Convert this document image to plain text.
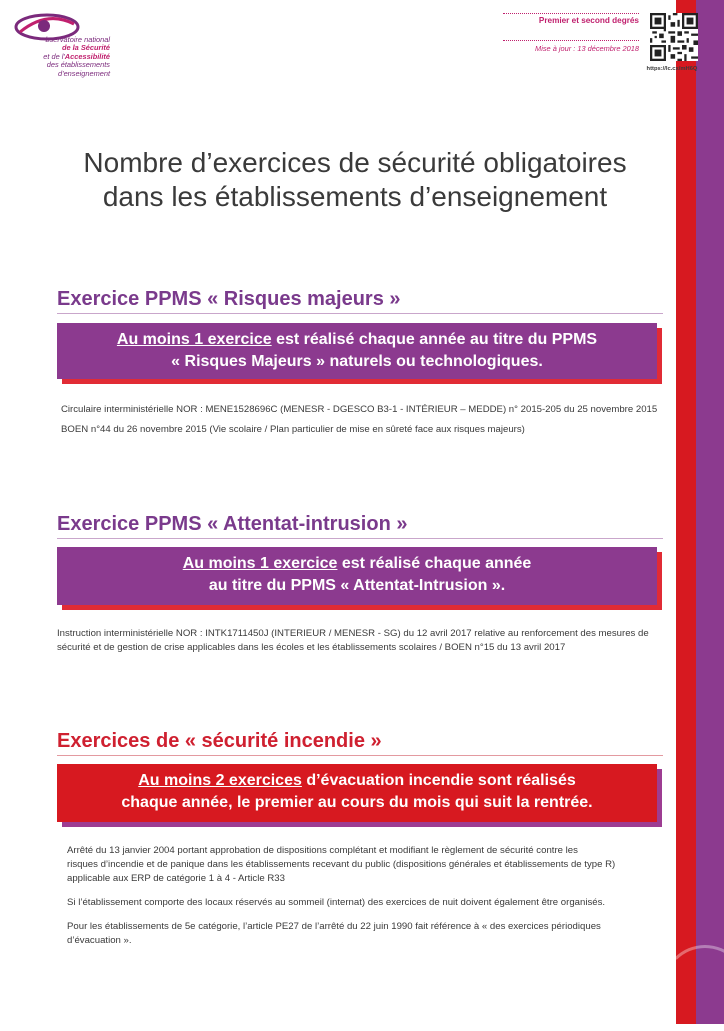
bservatoire national
de la Sécurité
et de l'Accessibilité
des établissements d'enseignement
Premier et second degrés
Mise à jour : 13 décembre 2018
https://lc.cx/mH6Q
Nombre d’exercices de sécurité obligatoires
dans les établissements d’enseignement
Exercice PPMS « Risques majeurs »
Au moins 1 exercice est réalisé chaque année au titre du PPMS
« Risques Majeurs » naturels ou technologiques.
Circulaire interministérielle NOR : MENE1528696C (MENESR - DGESCO B3-1 - INTÉRIEUR – MEDDE) n° 2015-205 du 25 novembre 2015
BOEN n°44 du 26 novembre 2015 (Vie scolaire / Plan particulier de mise en sûreté face aux risques majeurs)
Exercice PPMS « Attentat-intrusion »
Au moins 1 exercice est réalisé chaque année
au titre du PPMS « Attentat-Intrusion ».
Instruction interministérielle NOR : INTK1711450J (INTERIEUR / MENESR - SG) du 12 avril 2017 relative au renforcement des mesures de
sécurité et de gestion de crise applicables dans les écoles et les établissements scolaires / BOEN n°15 du 13 avril 2017
Exercices de « sécurité incendie »
Au moins 2 exercices d’évacuation incendie sont réalisés
chaque année, le premier au cours du mois qui suit la rentrée.
Arrêté du 13 janvier 2004 portant approbation de dispositions complétant et modifiant le règlement de sécurité contre les
risques d’incendie et de panique dans les établissements recevant du public (dispositions générales et établissements de type R)
applicable aux ERP de catégorie 1 à 4 - Article R33
Si l’établissement comporte des locaux réservés au sommeil (internat) des exercices de nuit doivent également être organisés.
Pour les établissements de 5e catégorie, l’article PE27 de l’arrêté du 22 juin 1990 fait référence à « des exercices périodiques
d’évacuation ».
